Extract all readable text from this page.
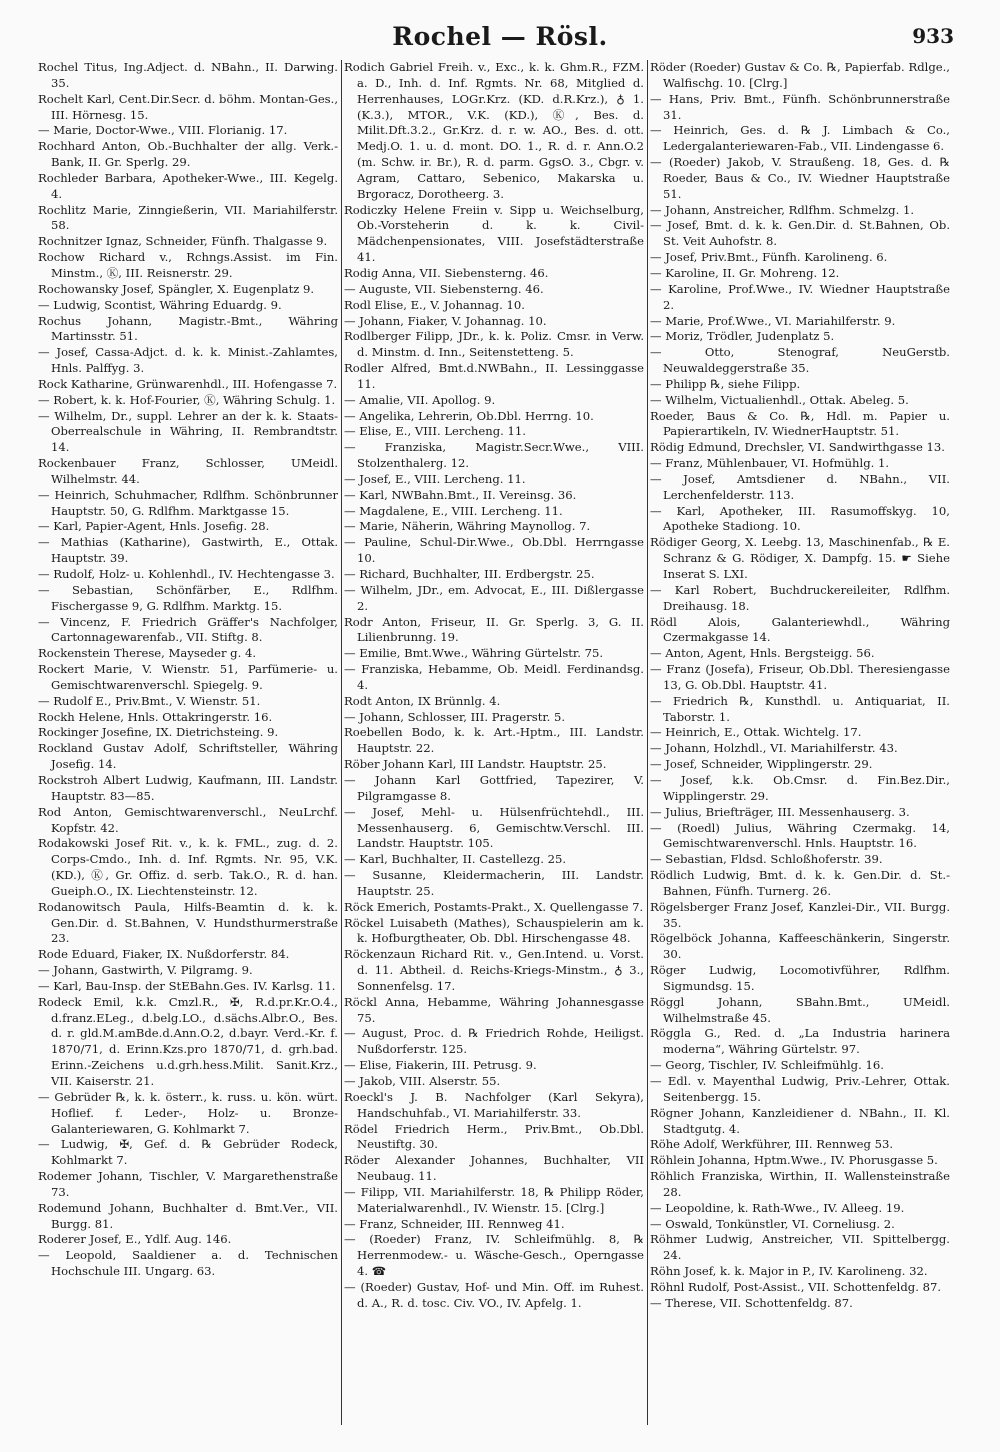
Rochel — Rösl.	933
Rochel Titus, Ing.Adject. d. NBahn., II. Darwing. 35.
Rochelt Karl, Cent.Dir.Secr. d. böhm. Montan-Ges., III. Hörnesg. 15.
— Marie, Doctor-Wwe., VIII. Florianig. 17.
Rochhard Anton, Ob.-Buchhalter der allg. Verk.-Bank, II. Gr. Sperlg. 29.
Rochleder Barbara, Apotheker-Wwe., III. Kegelg. 4.
Rochlitz Marie, Zinngießerin, VII. Mariahilferstr. 58.
Rochnitzer Ignaz, Schneider, Fünfh. Thalgasse 9.
Rochow Richard v., Rchngs.Assist. im Fin. Minstm., Ⓚ, III. Reisnerstr. 29.
Rochowansky Josef, Spängler, X. Eugenplatz 9.
— Ludwig, Scontist, Währing Eduardg. 9.
Rochus Johann, Magistr.-Bmt., Währing Martinsstr. 51.
— Josef, Cassa-Adjct. d. k. k. Minist.-Zahlamtes, Hnls. Palffyg. 3.
Rock Katharine, Grünwarenhdl., III. Hofengasse 7.
— Robert, k. k. Hof-Fourier, Ⓚ, Währing Schulg. 1.
— Wilhelm, Dr., suppl. Lehrer an der k. k. Staats-Oberrealschule in Währing, II. Rembrandtstr. 14.
Rockenbauer Franz, Schlosser, UMeidl. Wilhelmstr. 44.
— Heinrich, Schuhmacher, Rdlfhm. Schönbrunner Hauptstr. 50, G. Rdlfhm. Marktgasse 15.
— Karl, Papier-Agent, Hnls. Josefig. 28.
— Mathias (Katharine), Gastwirth, E., Ottak. Hauptstr. 39.
— Rudolf, Holz- u. Kohlenhdl., IV. Hechtengasse 3.
— Sebastian, Schönfärber, E., Rdlfhm. Fischergasse 9, G. Rdlfhm. Marktg. 15.
— Vincenz, F. Friedrich Gräffer's Nachfolger, Cartonnagewarenfab., VII. Stiftg. 8.
Rockenstein Therese, Mayseder g. 4.
Rockert Marie, V. Wienstr. 51, Parfümerie- u. Gemischtwarenverschl. Spiegelg. 9.
— Rudolf E., Priv.Bmt., V. Wienstr. 51.
Rockh Helene, Hnls. Ottakringerstr. 16.
Rockinger Josefine, IX. Dietrichsteing. 9.
Rockland Gustav Adolf, Schriftsteller, Währing Josefig. 14.
Rockstroh Albert Ludwig, Kaufmann, III. Landstr. Hauptstr. 83—85.
Rod Anton, Gemischtwarenverschl., NeuLrchf. Kopfstr. 42.
Rodakowski Josef Rit. v., k. k. FML., zug. d. 2. Corps-Cmdo., Inh. d. Inf. Rgmts. Nr. 95, V.K. (KD.), Ⓚ, Gr. Offiz. d. serb. Tak.O., R. d. han. Gueiph.O., IX. Liechtensteinstr. 12.
Rodanowitsch Paula, Hilfs-Beamtin d. k. k. Gen.Dir. d. St.Bahnen, V. Hundsthurmerstraße 23.
Rode Eduard, Fiaker, IX. Nußdorferstr. 84.
— Johann, Gastwirth, V. Pilgramg. 9.
— Karl, Bau-Insp. der StEBahn.Ges. IV. Karlsg. 11.
Rodeck Emil, k.k. Cmzl.R., ✠, R.d.pr.Kr.O.4., d.franz.ELeg., d.belg.LO., d.sächs.Albr.O., Bes. d. r. gld.M.amBde.d.Ann.O.2, d.bayr. Verd.-Kr. f. 1870/71, d. Erinn.Kzs.pro 1870/71, d. grh.bad. Erinn.-Zeichens u.d.grh.hess.Milit. Sanit.Krz., VII. Kaiserstr. 21.
— Gebrüder ℞, k. k. österr., k. russ. u. kön. würt. Hoflief. f. Leder-, Holz- u. Bronze-Galanteriewaren, G. Kohlmarkt 7.
— Ludwig, ✠, Gef. d. ℞ Gebrüder Rodeck, Kohlmarkt 7.
Rodemer Johann, Tischler, V. Margarethenstraße 73.
Rodemund Johann, Buchhalter d. Bmt.Ver., VII. Burgg. 81.
Roderer Josef, E., Ydlf. Aug. 146.
— Leopold, Saaldiener a. d. Technischen Hochschule III. Ungarg. 63.
Rodich Gabriel Freih. v., Exc., k. k. Ghm.R., FZM. a. D., Inh. d. Inf. Rgmts. Nr. 68, Mitglied d. Herrenhauses, LOGr.Krz. (KD. d.R.Krz.), ♁ 1.(K.3.), MTOR., V.K. (KD.), Ⓚ, Bes. d. Milit.Dft.3.2., Gr.Krz. d. r. w. AO., Bes. d. ott. Medj.O. 1. u. d. mont. DO. 1., R. d. r. Ann.O.2 (m. Schw. ir. Br.), R. d. parm. GgsO. 3., Cbgr. v. Agram, Cattaro, Sebenico, Makarska u. Brgoracz, Dorotheerg. 3.
Rodiczky Helene Freiin v. Sipp u. Weichselburg, Ob.-Vorsteherin d. k. k. Civil-Mädchenpensionates, VIII. Josefstädterstraße 41.
Rodig Anna, VII. Siebensterng. 46.
— Auguste, VII. Siebensterng. 46.
Rodl Elise, E., V. Johannag. 10.
— Johann, Fiaker, V. Johannag. 10.
Rodlberger Filipp, JDr., k. k. Poliz. Cmsr. in Verw. d. Minstm. d. Inn., Seitenstetteng. 5.
Rodler Alfred, Bmt.d.NWBahn., II. Lessinggasse 11.
— Amalie, VII. Apollog. 9.
— Angelika, Lehrerin, Ob.Dbl. Herrng. 10.
— Elise, E., VIII. Lercheng. 11.
— Franziska, Magistr.Secr.Wwe., VIII. Stolzenthalerg. 12.
— Josef, E., VIII. Lercheng. 11.
— Karl, NWBahn.Bmt., II. Vereinsg. 36.
— Magdalene, E., VIII. Lercheng. 11.
— Marie, Näherin, Währing Maynollog. 7.
— Pauline, Schul-Dir.Wwe., Ob.Dbl. Herrngasse 10.
— Richard, Buchhalter, III. Erdbergstr. 25.
— Wilhelm, JDr., em. Advocat, E., III. Dißlergasse 2.
Rodr Anton, Friseur, II. Gr. Sperlg. 3, G. II. Lilienbrunng. 19.
— Emilie, Bmt.Wwe., Währing Gürtelstr. 75.
— Franziska, Hebamme, Ob. Meidl. Ferdinandsg. 4.
Rodt Anton, IX Brünnlg. 4.
— Johann, Schlosser, III. Pragerstr. 5.
Roebellen Bodo, k. k. Art.-Hptm., III. Landstr. Hauptstr. 22.
Röber Johann Karl, III Landstr. Hauptstr. 25.
— Johann Karl Gottfried, Tapezirer, V. Pilgramgasse 8.
— Josef, Mehl- u. Hülsenfrüchtehdl., III. Messenhauserg. 6, Gemischtw.Verschl. III. Landstr. Hauptstr. 105.
— Karl, Buchhalter, II. Castellezg. 25.
— Susanne, Kleidermacherin, III. Landstr. Hauptstr. 25.
Röck Emerich, Postamts-Prakt., X. Quellengasse 7.
Röckel Luisabeth (Mathes), Schauspielerin am k. k. Hofburgtheater, Ob. Dbl. Hirschengasse 48.
Röckenzaun Richard Rit. v., Gen.Intend. u. Vorst. d. 11. Abtheil. d. Reichs-Kriegs-Minstm., ♁ 3., Sonnenfelsg. 17.
Röckl Anna, Hebamme, Währing Johannesgasse 75.
— August, Proc. d. ℞ Friedrich Rohde, Heiligst. Nußdorferstr. 125.
— Elise, Fiakerin, III. Petrusg. 9.
— Jakob, VIII. Alserstr. 55.
Roeckl's J. B. Nachfolger (Karl Sekyra), Handschuhfab., VI. Mariahilferstr. 33.
Rödel Friedrich Herm., Priv.Bmt., Ob.Dbl. Neustiftg. 30.
Röder Alexander Johannes, Buchhalter, VII Neubaug. 11.
— Filipp, VII. Mariahilferstr. 18, ℞ Philipp Röder, Materialwarenhdl., IV. Wienstr. 15. [Clrg.]
— Franz, Schneider, III. Rennweg 41.
— (Roeder) Franz, IV. Schleifmühlg. 8, ℞ Herrenmodew.- u. Wäsche-Gesch., Operngasse 4. ☎
— (Roeder) Gustav, Hof- und Min. Off. im Ruhest. d. A., R. d. tosc. Civ. VO., IV. Apfelg. 1.
Röder (Roeder) Gustav & Co. ℞, Papierfab. Rdlge., Walfischg. 10. [Clrg.]
— Hans, Priv. Bmt., Fünfh. Schönbrunnerstraße 31.
— Heinrich, Ges. d. ℞ J. Limbach & Co., Ledergalanteriewaren-Fab., VII. Lindengasse 6.
— (Roeder) Jakob, V. Straußeng. 18, Ges. d. ℞ Roeder, Baus & Co., IV. Wiedner Hauptstraße 51.
— Johann, Anstreicher, Rdlfhm. Schmelzg. 1.
— Josef, Bmt. d. k. k. Gen.Dir. d. St.Bahnen, Ob. St. Veit Auhofstr. 8.
— Josef, Priv.Bmt., Fünfh. Karolineng. 6.
— Karoline, II. Gr. Mohreng. 12.
— Karoline, Prof.Wwe., IV. Wiedner Hauptstraße 2.
— Marie, Prof.Wwe., VI. Mariahilferstr. 9.
— Moriz, Trödler, Judenplatz 5.
— Otto, Stenograf, NeuGerstb. Neuwaldeggerstraße 35.
— Philipp ℞, siehe Filipp.
— Wilhelm, Victualienhdl., Ottak. Abeleg. 5.
Roeder, Baus & Co. ℞, Hdl. m. Papier u. Papierartikeln, IV. WiednerHauptstr. 51.
Rödig Edmund, Drechsler, VI. Sandwirthgasse 13.
— Franz, Mühlenbauer, VI. Hofmühlg. 1.
— Josef, Amtsdiener d. NBahn., VII. Lerchenfelderstr. 113.
— Karl, Apotheker, III. Rasumoffskyg. 10, Apotheke Stadiong. 10.
Rödiger Georg, X. Leebg. 13, Maschinenfab., ℞ E. Schranz & G. Rödiger, X. Dampfg. 15. ☛ Siehe Inserat S. LXI.
— Karl Robert, Buchdruckereileiter, Rdlfhm. Dreihausg. 18.
Rödl Alois, Galanteriewhdl., Währing Czermakgasse 14.
— Anton, Agent, Hnls. Bergsteigg. 56.
— Franz (Josefa), Friseur, Ob.Dbl. Theresiengasse 13, G. Ob.Dbl. Hauptstr. 41.
— Friedrich ℞, Kunsthdl. u. Antiquariat, II. Taborstr. 1.
— Heinrich, E., Ottak. Wichtelg. 17.
— Johann, Holzhdl., VI. Mariahilferstr. 43.
— Josef, Schneider, Wipplingerstr. 29.
— Josef, k.k. Ob.Cmsr. d. Fin.Bez.Dir., Wipplingerstr. 29.
— Julius, Briefträger, III. Messenhauserg. 3.
— (Roedl) Julius, Währing Czermakg. 14, Gemischtwarenverschl. Hnls. Hauptstr. 16.
— Sebastian, Fldsd. Schloßhoferstr. 39.
Rödlich Ludwig, Bmt. d. k. k. Gen.Dir. d. St.-Bahnen, Fünfh. Turnerg. 26.
Rögelsberger Franz Josef, Kanzlei-Dir., VII. Burgg. 35.
Rögelböck Johanna, Kaffeeschänkerin, Singerstr. 30.
Röger Ludwig, Locomotivführer, Rdlfhm. Sigmundsg. 15.
Röggl Johann, SBahn.Bmt., UMeidl. Wilhelmstraße 45.
Röggla G., Red. d. „La Industria harinera moderna“, Währing Gürtelstr. 97.
— Georg, Tischler, IV. Schleifmühlg. 16.
— Edl. v. Mayenthal Ludwig, Priv.-Lehrer, Ottak. Seitenbergg. 15.
Rögner Johann, Kanzleidiener d. NBahn., II. Kl. Stadtgutg. 4.
Röhe Adolf, Werkführer, III. Rennweg 53.
Röhlein Johanna, Hptm.Wwe., IV. Phorusgasse 5.
Röhlich Franziska, Wirthin, II. Wallensteinstraße 28.
— Leopoldine, k. Rath-Wwe., IV. Alleeg. 19.
— Oswald, Tonkünstler, VI. Corneliusg. 2.
Röhmer Ludwig, Anstreicher, VII. Spittelbergg. 24.
Röhn Josef, k. k. Major in P., IV. Karolineng. 32.
Röhnl Rudolf, Post-Assist., VII. Schottenfeldg. 87.
— Therese, VII. Schottenfeldg. 87.
